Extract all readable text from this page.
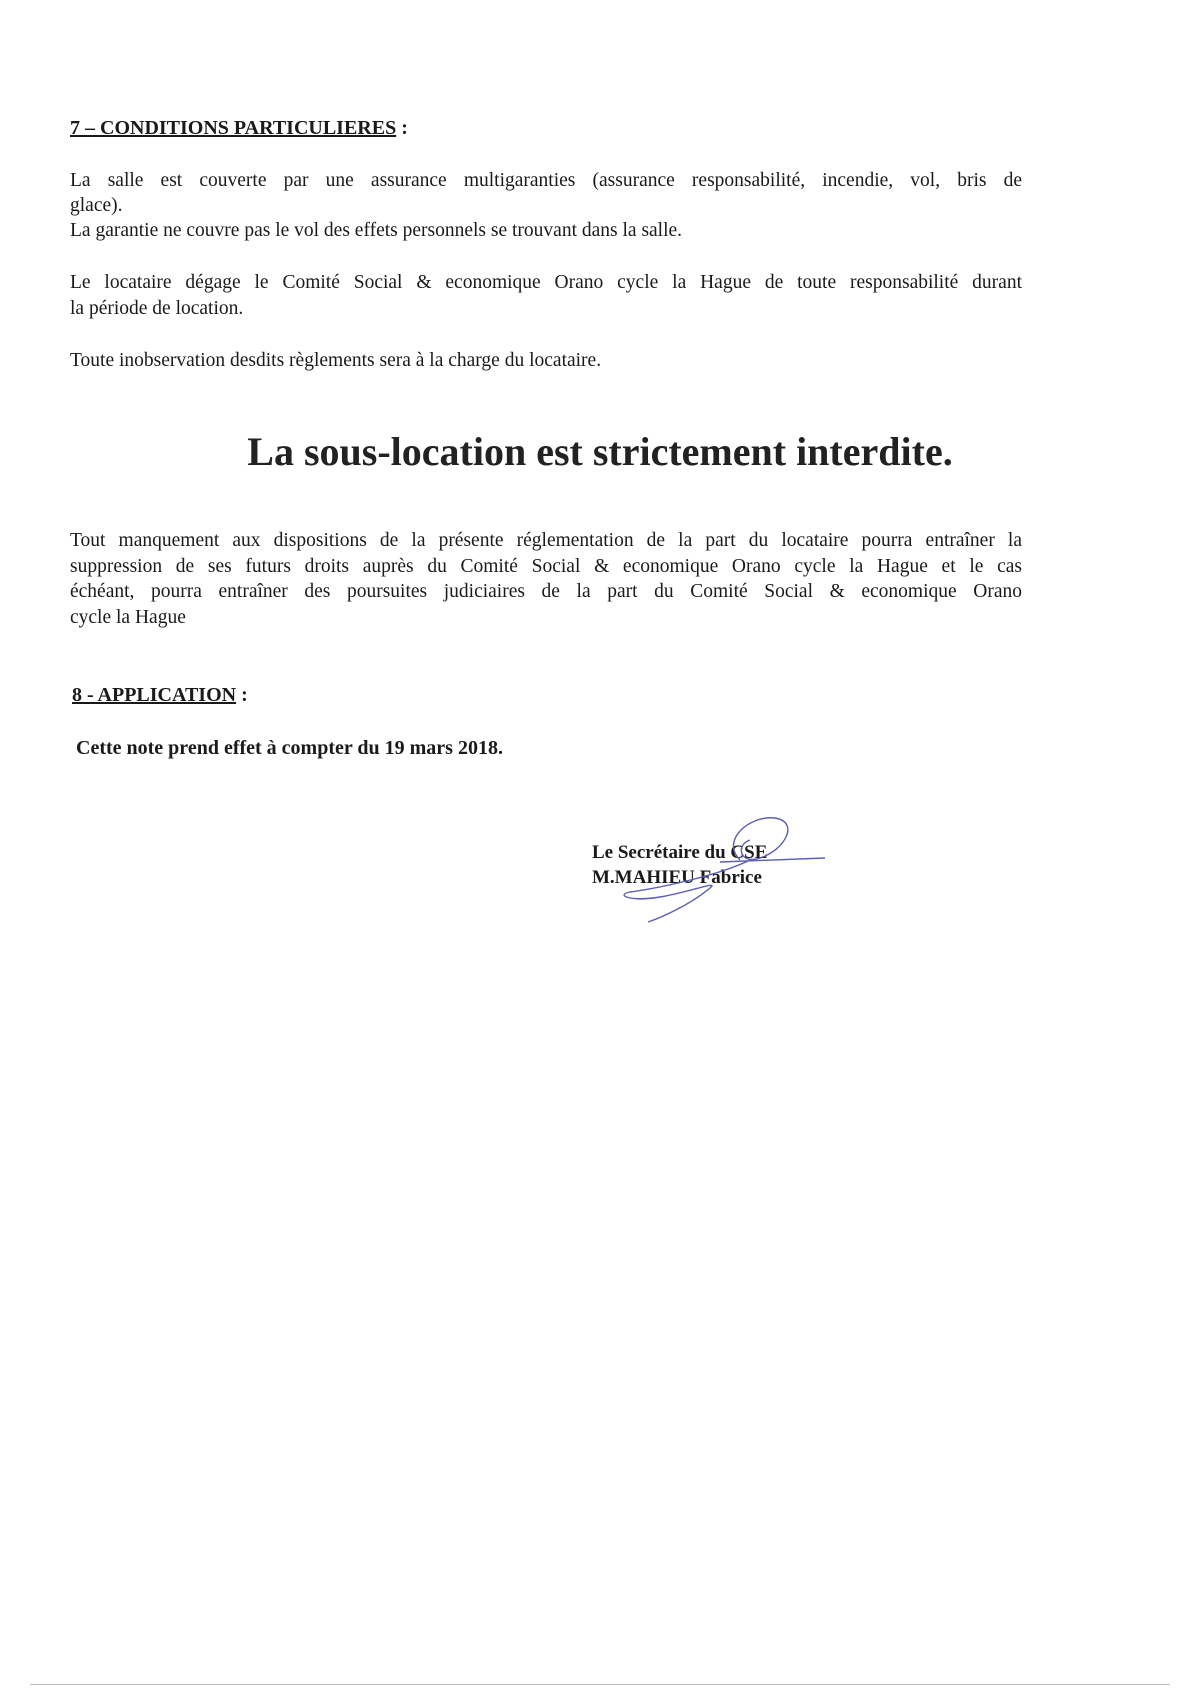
7 – CONDITIONS PARTICULIERES :
La salle est couverte par une assurance multigaranties (assurance responsabilité, incendie, vol, bris de
glace).
La garantie ne couvre pas le vol des effets personnels se trouvant dans la salle.
Le locataire dégage le Comité Social & economique Orano cycle la Hague de toute responsabilité durant
la période de location.
Toute inobservation desdits règlements sera à la charge du locataire.
La sous-location est strictement interdite.
Tout manquement aux dispositions de la présente réglementation de la part du locataire pourra entraîner la
suppression de ses futurs droits auprès du Comité Social & economique Orano cycle la Hague et le cas
échéant, pourra entraîner des poursuites judiciaires de la part du Comité Social & economique Orano
cycle la Hague
8 - APPLICATION :
Cette note prend effet à compter du 19 mars 2018.
Le Secrétaire du CSE
M.MAHIEU Fabrice
